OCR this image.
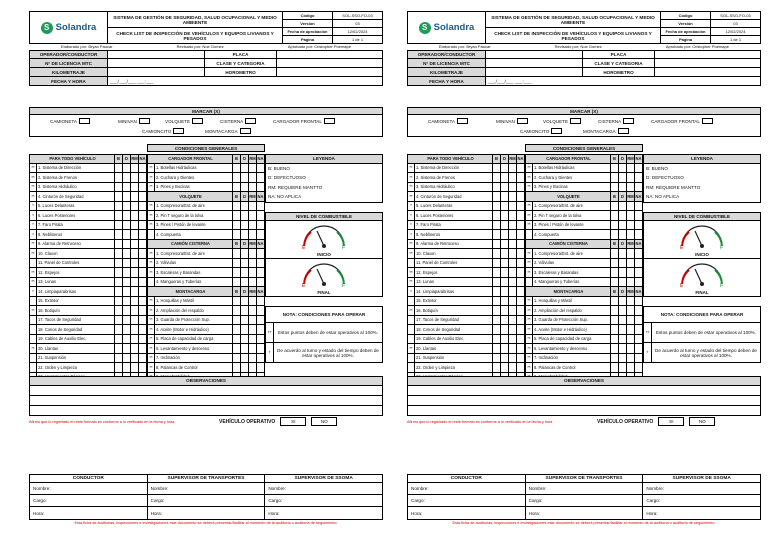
S Solandra
SISTEMA DE GESTIÓN DE SEGURIDAD, SALUD OCUPACIONAL Y MEDIO AMBIENTE
CHECK LIST DE INSPECCIÓN DE VEHÍCULOS Y EQUIPOS LIVIANOS Y PESADOS
Código	SOL-SSO-FO-03
Versión	03
Fecha de aprobación	12/02/2024
Página	1 de 1
Elaborado por: Bryan Paucar	Revisado por: Noe Gomez	Aprobado por: Cristopher Poemape
OPERADOR/CONDUCTOR	PLACA
N° DE LICENCIA MTC	CLASE Y CATEGORIA
KILOMETRAJE	HOROMETRO
FECHA Y HORA	___/___/___ ___:___
MARCAR (X)
CAMIONETA	MINIVAN	VOLQUETE	CISTERNA	CARGADOR FRONTAL
CAMIONCITO	MONTACARGA
CONDICIONES GENERALES
PARA TODO VEHÍCULO	B	D RM NA
** 1. Sistema de Dirección
** 2. Sistema de Frenos
** 3. Sistema Hidráulico
** 4. Cinturón de Seguridad
*	5. Luces Delanteras
*	6. Luces Posteriores
*	7. Faro Pirata
*	8. Neblineros
** 9. Alarma de Retroceso
** 10. Claxon
11. Panel de Controles
** 12. Espejos
** 13. Lunas
*	14. Limpiaparabrisas
15. Extintor
** 16. Botiquín
17. Tacos de Seguridad
18. Conos de Seguridad
19. Cables de Auxilio Elec.
** 20. Llantas
21. Suspensión
22. Orden y Limpieza
CARGADOR FRONTAL	B	D RM NA
** 1. Botellas Hidráulicas
** 2. Cuchara y Dientes
** 3. Pines y Bocinas
VOLQUETE	B	D RM NA
** 1. Compresora/Est. de aire
** 2. Pin T seguro de la tolva
** 3. Pines / Pistón de levante
4. Compuerta
CAMIÓN CISTERNA	B	D RM NA
** 1. Compresora/Est. de aire
** 2. Válvulas
** 3. Escaleras y Barandas
4. Mangueras y Tuberías
MONTACARGA	B	D RM NA
** 1. Horquillas y Mástil
** 2. Ampliación del respaldo
** 3. Guarda de Protección Sup.
** 4. Aceite (Motor e Hidráulico)
** 5. Placa de capacidad de carga
** 6. Levantamiento y descenso
** 7. Inclinación
** 8. Palancas de Control
LEYENDA
B: BUENO
D: DEFECTUOSO
RM: REQUIERE MANTTO
NA: NO APLICA
NIVEL DE COMBUSTIBLE
E	F
INICIO
E	F
FINAL
NOTA: CONDICIONES PARA OPERAR
**	Estos puntos deben de estar operativos al 100%.
*	De acuerdo al turno y estado del tiempo deben de estar operativos al 100%.
OBSERVACIONES
Afirmo que lo registrado en este formato es conforme a lo verificado en la fecha y hora	VEHÍCULO OPERATIVO	SI	NO
CONDUCTOR
Nombre:
Cargo:
Hora:
SUPERVISOR DE TRANSPORTES
Nombre:
Cargo:
Hora:
SUPERVISOR DE SSOMA
Nombre:
Cargo:
Hora:
Esta ficha de auditorías, inspecciones e investigaciones este documento se deberá presentar/facilitar al momento de la auditoría o auditoría de seguimiento.
S Solandra
SISTEMA DE GESTIÓN DE SEGURIDAD, SALUD OCUPACIONAL Y MEDIO AMBIENTE
CHECK LIST DE INSPECCIÓN DE VEHÍCULOS Y EQUIPOS LIVIANOS Y PESADOS
Código	SOL-SSO-FO-03
Versión	03
Fecha de aprobación	12/02/2024
Página	1 de 1
Elaborado por: Bryan Paucar	Revisado por: Noe Gomez	Aprobado por: Cristopher Poemape
OPERADOR/CONDUCTOR	PLACA
N° DE LICENCIA MTC	CLASE Y CATEGORIA
KILOMETRAJE	HOROMETRO
FECHA Y HORA	___/___/___ ___:___
MARCAR (X)
CAMIONETA	MINIVAN	VOLQUETE	CISTERNA	CARGADOR FRONTAL
CAMIONCITO	MONTACARGA
CONDICIONES GENERALES
PARA TODO VEHÍCULO	B	D RM NA
** 1. Sistema de Dirección
** 2. Sistema de Frenos
** 3. Sistema Hidráulico
** 4. Cinturón de Seguridad
*	5. Luces Delanteras
*	6. Luces Posteriores
*	7. Faro Pirata
*	8. Neblineros
** 9. Alarma de Retroceso
** 10. Claxon
11. Panel de Controles
** 12. Espejos
** 13. Lunas
*	14. Limpiaparabrisas
15. Extintor
** 16. Botiquín
17. Tacos de Seguridad
18. Conos de Seguridad
19. Cables de Auxilio Elec.
** 20. Llantas
21. Suspensión
22. Orden y Limpieza
CARGADOR FRONTAL	B	D RM NA
** 1. Botellas Hidráulicas
** 2. Cuchara y Dientes
** 3. Pines y Bocinas
VOLQUETE	B	D RM NA
** 1. Compresora/Est. de aire
** 2. Pin T seguro de la tolva
** 3. Pines / Pistón de levante
4. Compuerta
CAMIÓN CISTERNA	B	D RM NA
** 1. Compresora/Est. de aire
** 2. Válvulas
** 3. Escaleras y Barandas
4. Mangueras y Tuberías
MONTACARGA	B	D RM NA
** 1. Horquillas y Mástil
** 2. Ampliación del respaldo
** 3. Guarda de Protección Sup.
** 4. Aceite (Motor e Hidráulico)
** 5. Placa de capacidad de carga
** 6. Levantamiento y descenso
** 7. Inclinación
** 8. Palancas de Control
LEYENDA
B: BUENO
D: DEFECTUOSO
RM: REQUIERE MANTTO
NA: NO APLICA
NIVEL DE COMBUSTIBLE
E	F
INICIO
E	F
FINAL
NOTA: CONDICIONES PARA OPERAR
**	Estos puntos deben de estar operativos al 100%.
*	De acuerdo al turno y estado del tiempo deben de estar operativos al 100%.
OBSERVACIONES
Afirmo que lo registrado en este formato es conforme a lo verificado en la fecha y hora	VEHÍCULO OPERATIVO	SI	NO
CONDUCTOR
Nombre:
Cargo:
Hora:
SUPERVISOR DE TRANSPORTES
Nombre:
Cargo:
Hora:
SUPERVISOR DE SSOMA
Nombre:
Cargo:
Hora:
Esta ficha de auditorías, inspecciones e investigaciones este documento se deberá presentar/facilitar al momento de la auditoría o auditoría de seguimiento.
